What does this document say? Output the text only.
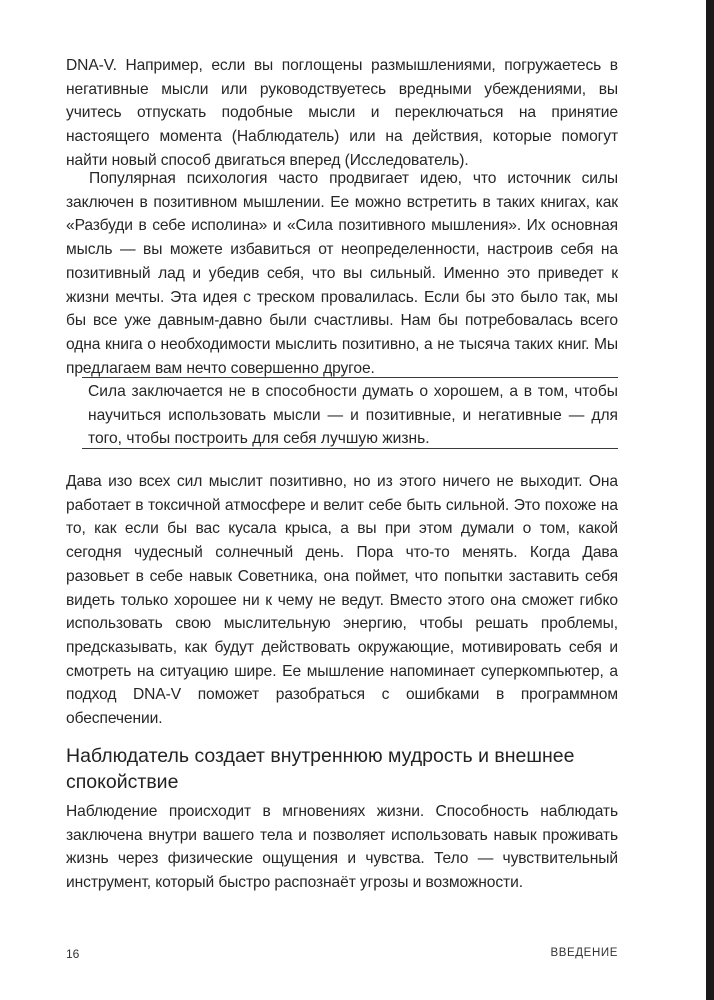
DNA-V. Например, если вы поглощены размышлениями, погружаетесь в негативные мысли или руководствуетесь вредными убеждениями, вы учитесь отпускать подобные мысли и переключаться на принятие настоящего момента (Наблюдатель) или на действия, которые помогут найти новый способ двигаться вперед (Исследователь).

Популярная психология часто продвигает идею, что источник силы заключен в позитивном мышлении. Ее можно встретить в таких книгах, как «Разбуди в себе исполина» и «Сила позитивного мышления». Их основная мысль — вы можете избавиться от неопределенности, настроив себя на позитивный лад и убедив себя, что вы сильный. Именно это приведет к жизни мечты. Эта идея с треском провалилась. Если бы это было так, мы бы все уже давным-давно были счастливы. Нам бы потребовалась всего одна книга о необходимости мыслить позитивно, а не тысяча таких книг. Мы предлагаем вам нечто совершенно другое.

Сила заключается не в способности думать о хорошем, а в том, чтобы научиться использовать мысли — и позитивные, и негативные — для того, чтобы построить для себя лучшую жизнь.

Дава изо всех сил мыслит позитивно, но из этого ничего не выходит. Она работает в токсичной атмосфере и велит себе быть сильной. Это похоже на то, как если бы вас кусала крыса, а вы при этом думали о том, какой сегодня чудесный солнечный день. Пора что-то менять. Когда Дава разовьет в себе навык Советника, она поймет, что попытки заставить себя видеть только хорошее ни к чему не ведут. Вместо этого она сможет гибко использовать свою мыслительную энергию, чтобы решать проблемы, предсказывать, как будут действовать окружающие, мотивировать себя и смотреть на ситуацию шире. Ее мышление напоминает суперкомпьютер, а подход DNA-V поможет разобраться с ошибками в программном обеспечении.

Наблюдатель создает внутреннюю мудрость и внешнее спокойствие

Наблюдение происходит в мгновениях жизни. Способность наблюдать заключена внутри вашего тела и позволяет использовать навык проживать жизнь через физические ощущения и чувства. Тело — чувствительный инструмент, который быстро распознаёт угрозы и возможности.

16	ВВЕДЕНИЕ
